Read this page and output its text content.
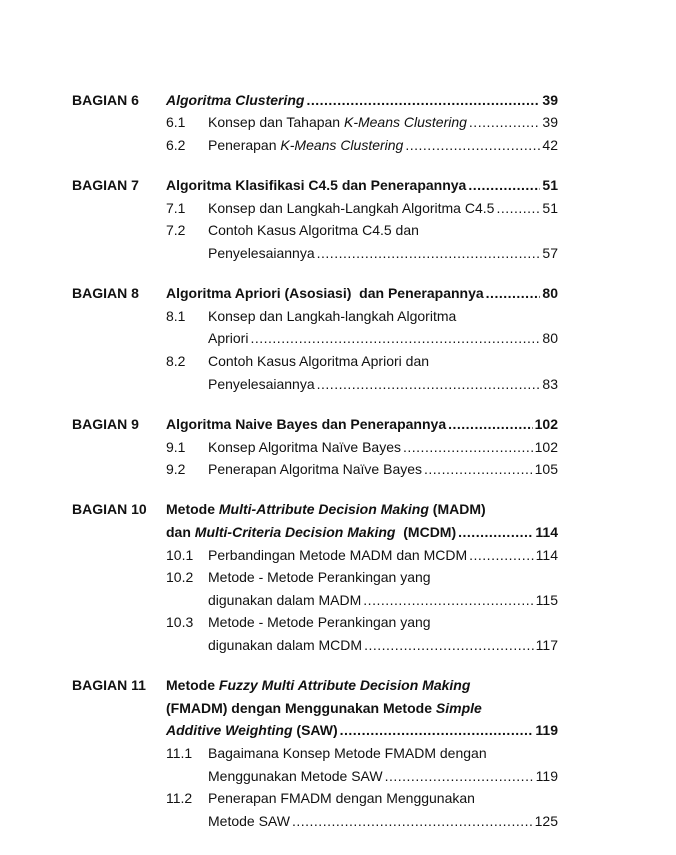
BAGIAN 6 Algoritma Clustering .....	39
6.1 Konsep dan Tahapan K-Means Clustering .....	39
6.2 Penerapan K-Means Clustering .....	42
BAGIAN 7 Algoritma Klasifikasi C4.5 dan Penerapannya .....	51
7.1 Konsep dan Langkah-Langkah Algoritma C4.5 .....	51
7.2 Contoh Kasus Algoritma C4.5 dan
Penyelesaiannya .....	57
BAGIAN 8 Algoritma Apriori (Asosiasi)  dan Penerapannya .....	80
8.1 Konsep dan Langkah-langkah Algoritma
Apriori .....	80
8.2 Contoh Kasus Algoritma Apriori dan
Penyelesaiannya .....	83
BAGIAN 9 Algoritma Naive Bayes dan Penerapannya .....	102
9.1 Konsep Algoritma Naïve Bayes .....	102
9.2 Penerapan Algoritma Naïve Bayes .....	105
BAGIAN 10 Metode Multi-Attribute Decision Making (MADM)
dan Multi-Criteria Decision Making  (MCDM) .....	114
10.1 Perbandingan Metode MADM dan MCDM .....	114
10.2 Metode - Metode Perankingan yang
digunakan dalam MADM .....	115
10.3 Metode - Metode Perankingan yang
digunakan dalam MCDM .....	117
BAGIAN 11 Metode Fuzzy Multi Attribute Decision Making
(FMADM) dengan Menggunakan Metode Simple
Additive Weighting (SAW) .....	119
11.1 Bagaimana Konsep Metode FMADM dengan
Menggunakan Metode SAW .....	119
11.2 Penerapan FMADM dengan Menggunakan
Metode SAW .....	125
